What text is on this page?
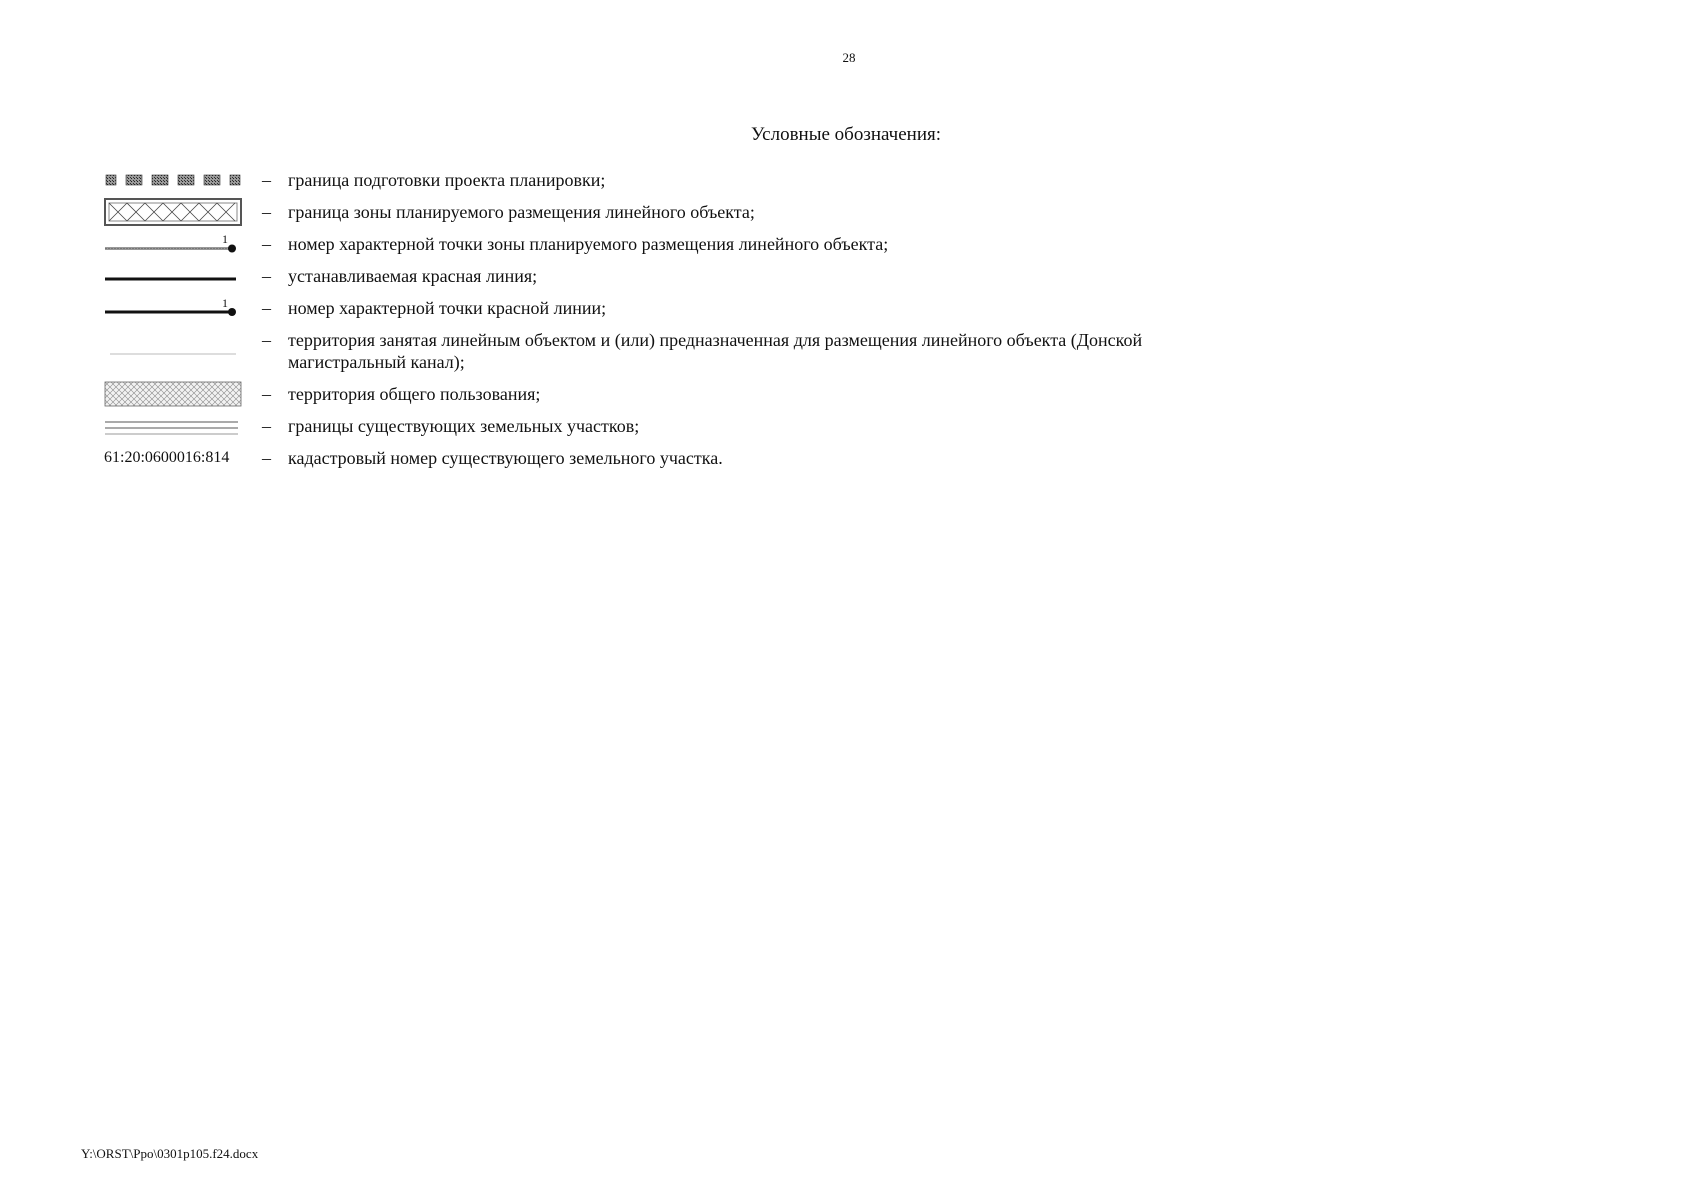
28
Условные обозначения:
– граница подготовки проекта планировки;
– граница зоны планируемого размещения линейного объекта;
1 – номер характерной точки зоны планируемого размещения линейного объекта;
– устанавливаемая красная линия;
1 – номер характерной точки красной линии;
– территория занятая линейным объектом и (или) предназначенная для размещения линейного объекта (Донской магистральный канал);
– территория общего пользования;
– границы существующих земельных участков;
61:20:0600016:814	– кадастровый номер существующего земельного участка.
Y:\ORST\Ppo\0301p105.f24.docx
